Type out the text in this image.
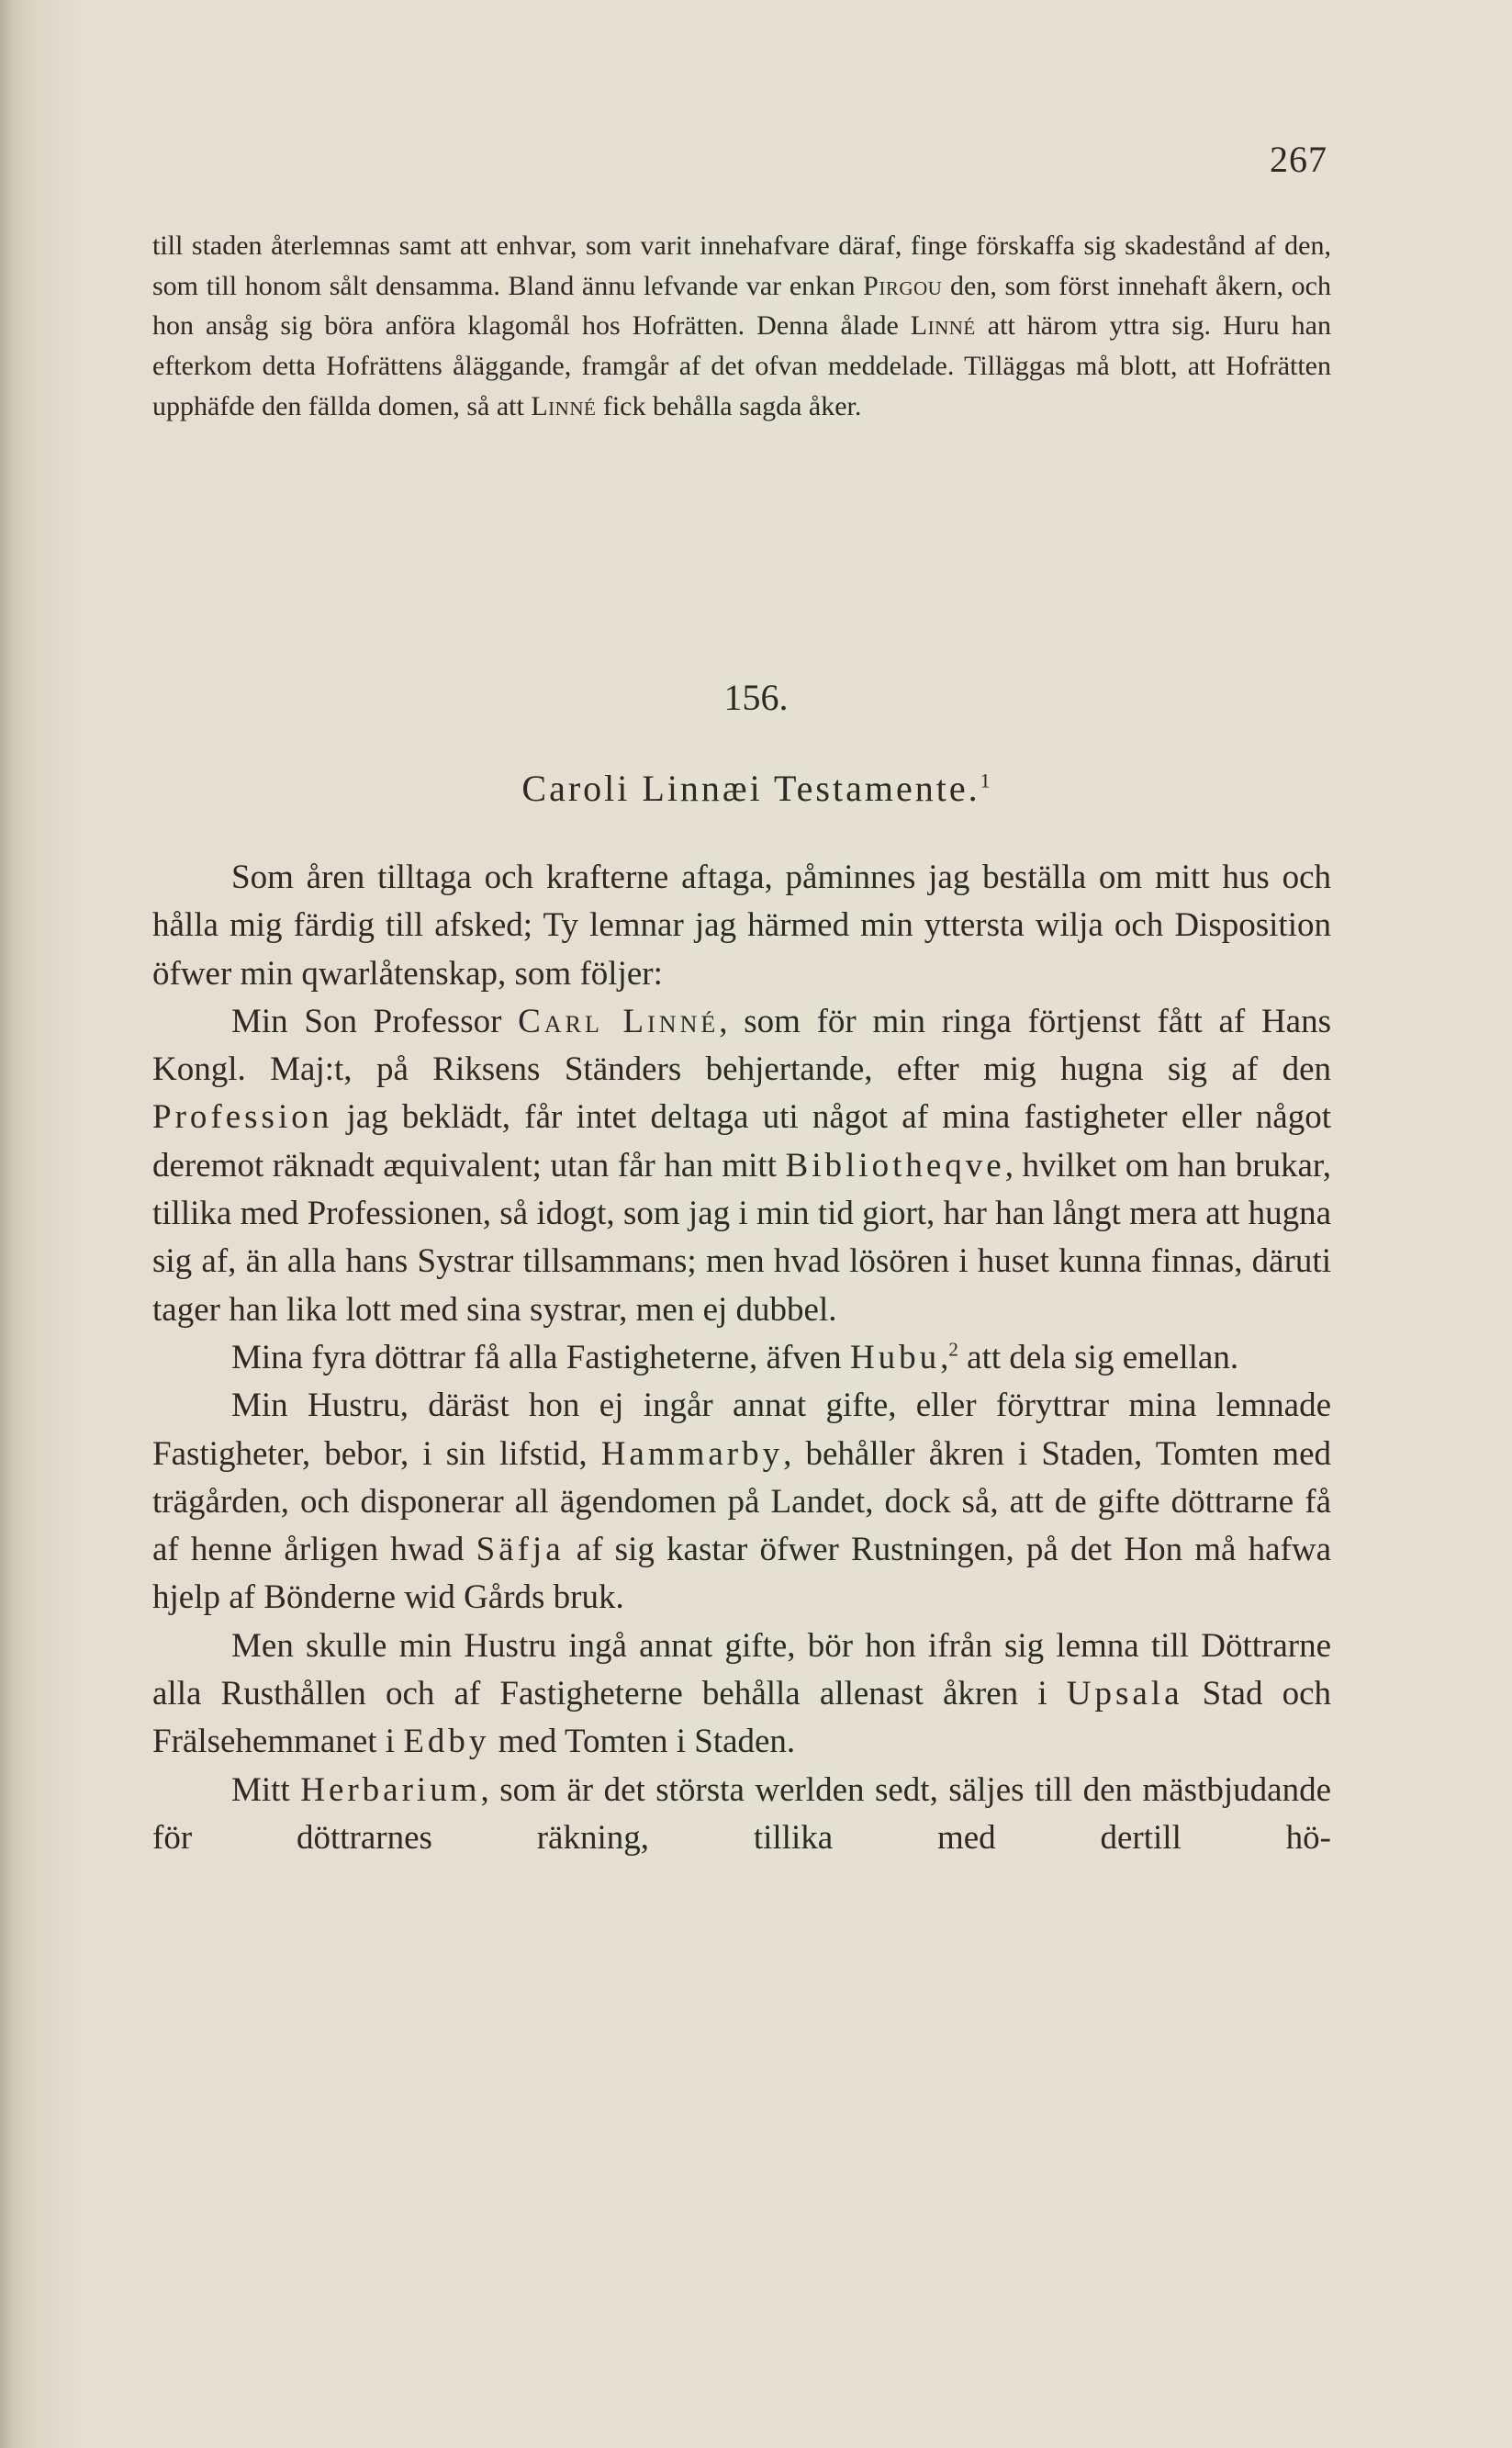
267

till staden återlemnas samt att enhvar, som varit innehafvare däraf, finge förskaffa sig skadestånd af den, som till honom sålt densamma. Bland ännu lefvande var enkan Pirgou den, som först innehaft åkern, och hon ansåg sig böra anföra klagomål hos Hofrätten. Denna ålade Linné att härom yttra sig. Huru han efterkom detta Hofrättens åläggande, framgår af det ofvan meddelade. Tilläggas må blott, att Hofrätten upphäfde den fällda domen, så att Linné fick behålla sagda åker.

156.
Caroli Linnæi Testamente.$^1$

Som åren tilltaga och krafterne aftaga, påminnes jag beställa om mitt hus och hålla mig färdig till afsked; Ty lemnar jag härmed min yttersta wilja och Disposition öfwer min qwarlåtenskap, som följer:

Min Son Professor Carl Linné, som för min ringa förtjenst fått af Hans Kongl. Maj:t, på Riksens Ständers behjertande, efter mig hugna sig af den Profession jag beklädt, får intet deltaga uti något af mina fastigheter eller något deremot räknadt æquivalent; utan får han mitt Bibliotheqve, hvilket om han brukar, tillika med Professionen, så idogt, som jag i min tid giort, har han långt mera att hugna sig af, än alla hans Systrar tillsammans; men hvad lösören i huset kunna finnas, däruti tager han lika lott med sina systrar, men ej dubbel.

Mina fyra döttrar få alla Fastigheterne, äfven Hubu,$^2$ att dela sig emellan.

Min Hustru, däräst hon ej ingår annat gifte, eller föryttrar mina lemnade Fastigheter, bebor, i sin lifstid, Hammarby, behåller åkren i Staden, Tomten med trägården, och disponerar all ägendomen på Landet, dock så, att de gifte döttrarne få af henne årligen hwad Säfja af sig kastar öfwer Rustningen, på det Hon må hafwa hjelp af Bönderne wid Gårds bruk.

Men skulle min Hustru ingå annat gifte, bör hon ifrån sig lemna till Döttrarne alla Rusthållen och af Fastigheterne behålla allenast åkren i Upsala Stad och Frälsehemmanet i Edby med Tomten i Staden.

Mitt Herbarium, som är det största werlden sedt, säljes till den mästbjudande för döttrarnes räkning, tillika med dertill hö-
